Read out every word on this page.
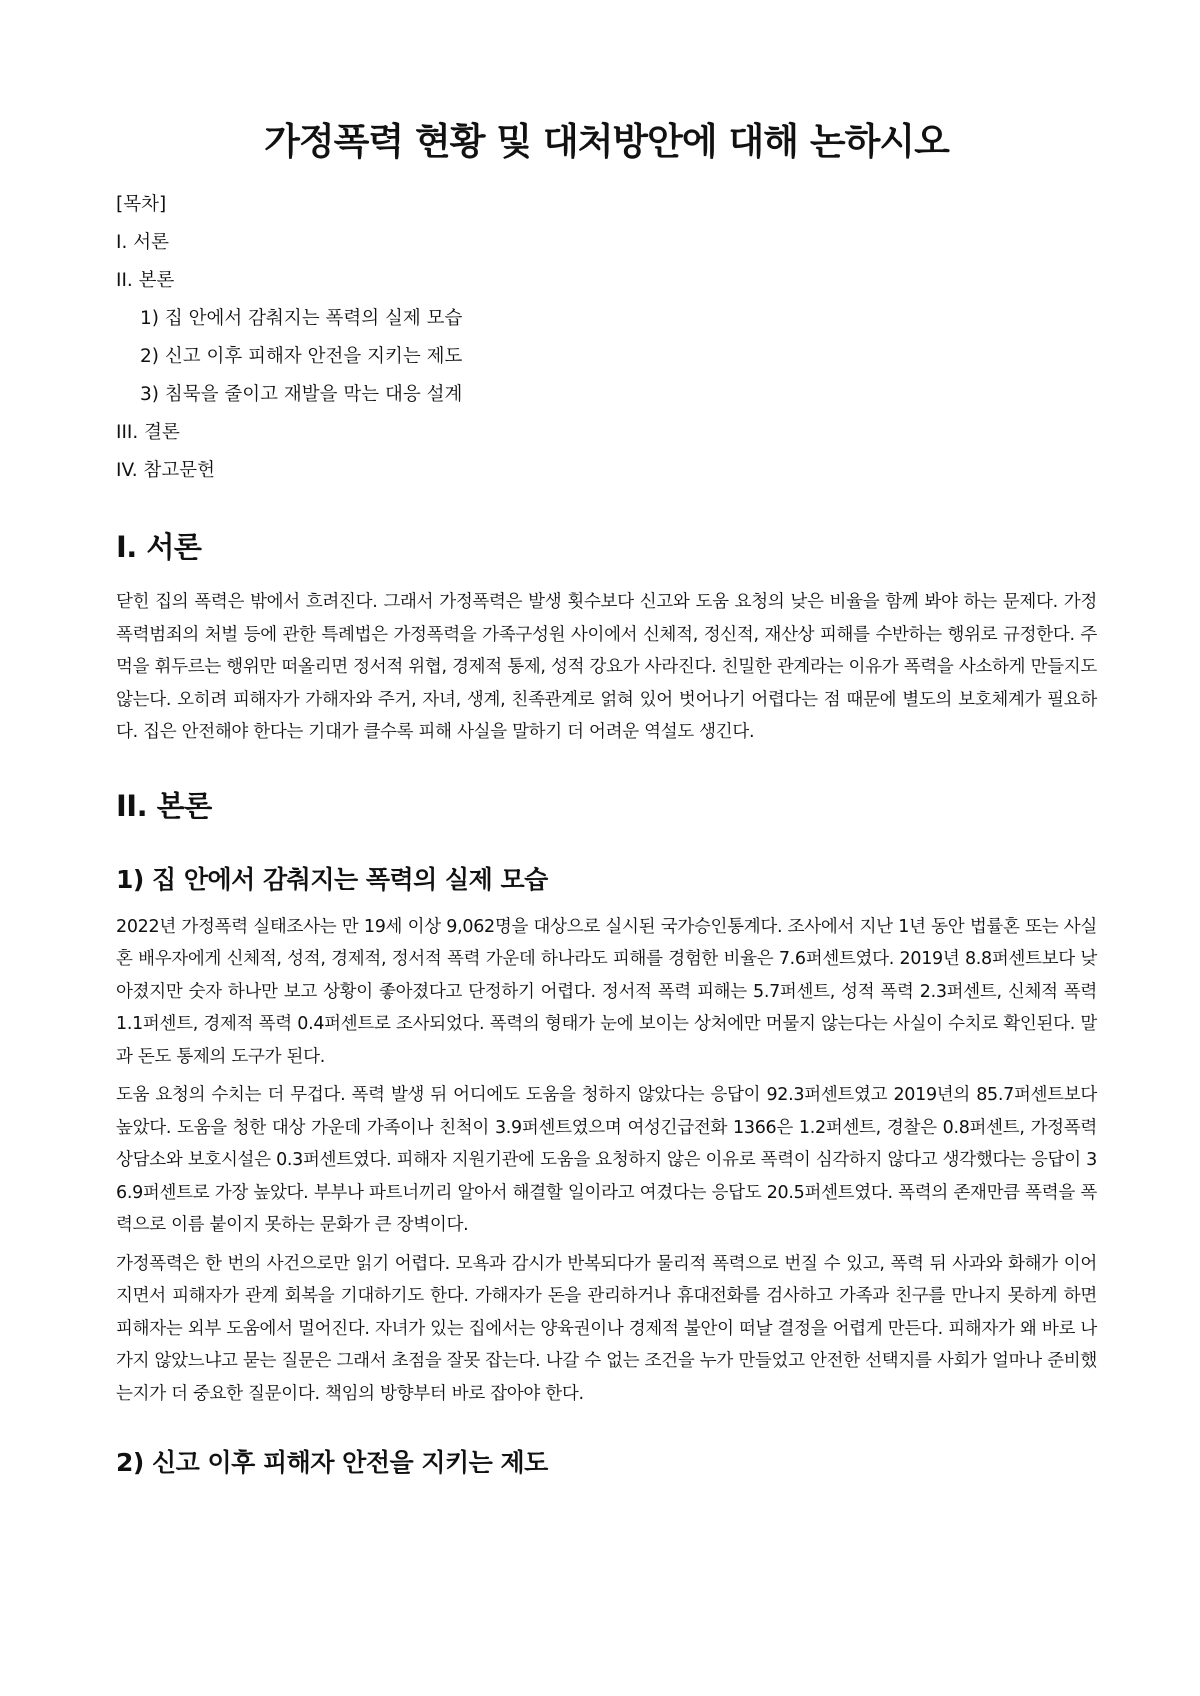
가정폭력 현황 및 대처방안에 대해 논하시오
[목차]
I. 서론
II. 본론
1) 집 안에서 감춰지는 폭력의 실제 모습
2) 신고 이후 피해자 안전을 지키는 제도
3) 침묵을 줄이고 재발을 막는 대응 설계
III. 결론
IV. 참고문헌
I. 서론

닫힌 집의 폭력은 밖에서 흐려진다. 그래서 가정폭력은 발생 횟수보다 신고와 도움 요청의 낮은 비율을 함께 봐야 하는 문제다. 가정폭력범죄의 처벌 등에 관한 특례법은 가정폭력을 가족구성원 사이에서 신체적, 정신적, 재산상 피해를 수반하는 행위로 규정한다. 주먹을 휘두르는 행위만 떠올리면 정서적 위협, 경제적 통제, 성적 강요가 사라진다. 친밀한 관계라는 이유가 폭력을 사소하게 만들지도 않는다. 오히려 피해자가 가해자와 주거, 자녀, 생계, 친족관계로 얽혀 있어 벗어나기 어렵다는 점 때문에 별도의 보호체계가 필요하다. 집은 안전해야 한다는 기대가 클수록 피해 사실을 말하기 더 어려운 역설도 생긴다.

II. 본론
1) 집 안에서 감춰지는 폭력의 실제 모습

2022년 가정폭력 실태조사는 만 19세 이상 9,062명을 대상으로 실시된 국가승인통계다. 조사에서 지난 1년 동안 법률혼 또는 사실혼 배우자에게 신체적, 성적, 경제적, 정서적 폭력 가운데 하나라도 피해를 경험한 비율은 7.6퍼센트였다. 2019년 8.8퍼센트보다 낮아졌지만 숫자 하나만 보고 상황이 좋아졌다고 단정하기 어렵다. 정서적 폭력 피해는 5.7퍼센트, 성적 폭력 2.3퍼센트, 신체적 폭력 1.1퍼센트, 경제적 폭력 0.4퍼센트로 조사되었다. 폭력의 형태가 눈에 보이는 상처에만 머물지 않는다는 사실이 수치로 확인된다. 말과 돈도 통제의 도구가 된다.

도움 요청의 수치는 더 무겁다. 폭력 발생 뒤 어디에도 도움을 청하지 않았다는 응답이 92.3퍼센트였고 2019년의 85.7퍼센트보다 높았다. 도움을 청한 대상 가운데 가족이나 친척이 3.9퍼센트였으며 여성긴급전화 1366은 1.2퍼센트, 경찰은 0.8퍼센트, 가정폭력상담소와 보호시설은 0.3퍼센트였다. 피해자 지원기관에 도움을 요청하지 않은 이유로 폭력이 심각하지 않다고 생각했다는 응답이 36.9퍼센트로 가장 높았다. 부부나 파트너끼리 알아서 해결할 일이라고 여겼다는 응답도 20.5퍼센트였다. 폭력의 존재만큼 폭력을 폭력으로 이름 붙이지 못하는 문화가 큰 장벽이다.

가정폭력은 한 번의 사건으로만 읽기 어렵다. 모욕과 감시가 반복되다가 물리적 폭력으로 번질 수 있고, 폭력 뒤 사과와 화해가 이어지면서 피해자가 관계 회복을 기대하기도 한다. 가해자가 돈을 관리하거나 휴대전화를 검사하고 가족과 친구를 만나지 못하게 하면 피해자는 외부 도움에서 멀어진다. 자녀가 있는 집에서는 양육권이나 경제적 불안이 떠날 결정을 어렵게 만든다. 피해자가 왜 바로 나가지 않았느냐고 묻는 질문은 그래서 초점을 잘못 잡는다. 나갈 수 없는 조건을 누가 만들었고 안전한 선택지를 사회가 얼마나 준비했는지가 더 중요한 질문이다. 책임의 방향부터 바로 잡아야 한다.

2) 신고 이후 피해자 안전을 지키는 제도
